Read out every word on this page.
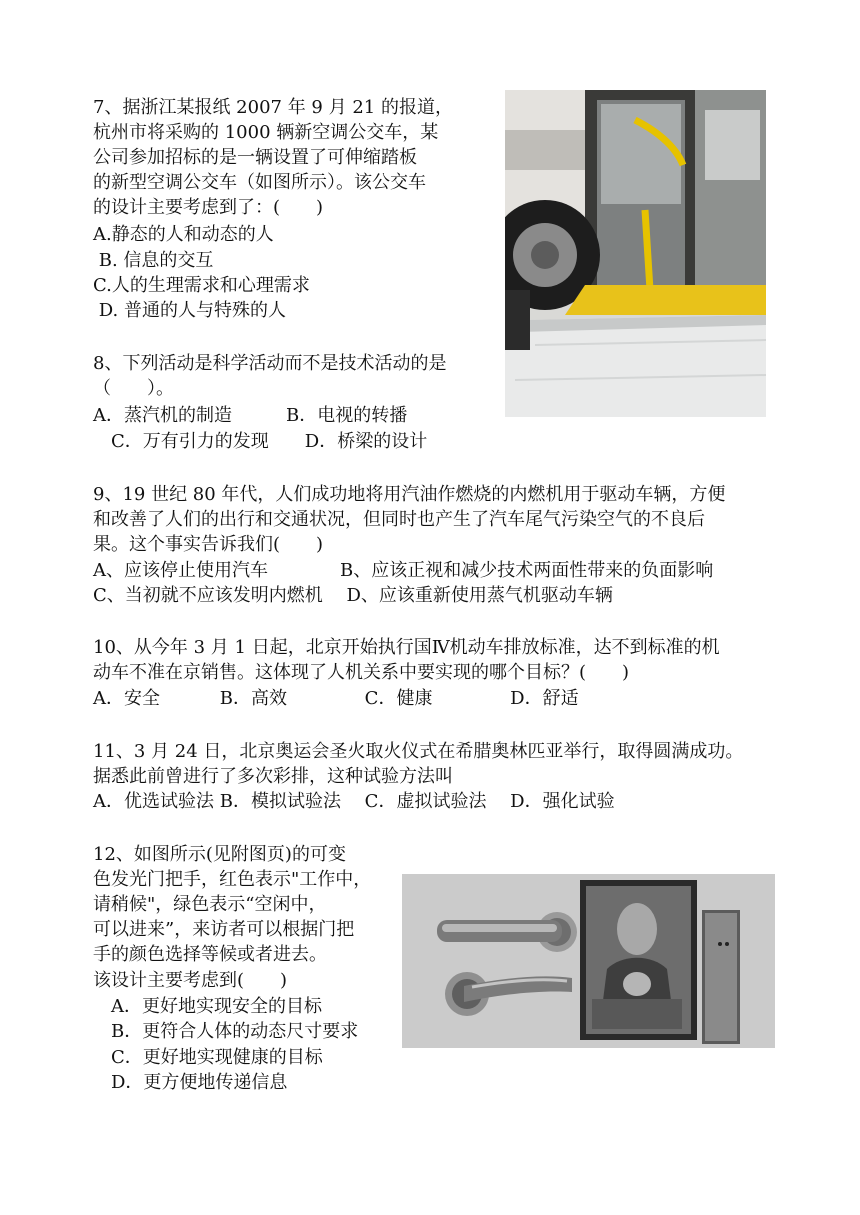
7、据浙江某报纸 2007 年 9 月 21 的报道，
杭州市将采购的 1000 辆新空调公交车，某
公司参加招标的是一辆设置了可伸缩踏板
的新型空调公交车（如图所示）。该公交车
的设计主要考虑到了：(　　)
A.静态的人和动态的人
B. 信息的交互
C.人的生理需求和心理需求
D. 普通的人与特殊的人
8、下列活动是科学活动而不是技术活动的是
（　　）。
A．蒸汽机的制造　　　B．电视的转播
　C．万有引力的发现　　D．桥梁的设计
9、19 世纪 80 年代，人们成功地将用汽油作燃烧的内燃机用于驱动车辆，方便
和改善了人们的出行和交通状况，但同时也产生了汽车尾气污染空气的不良后
果。这个事实告诉我们(　　)
A、应该停止使用汽车　　　　B、应该正视和减少技术两面性带来的负面影响
C、当初就不应该发明内燃机　 D、应该重新使用蒸气机驱动车辆
10、从今年 3 月 1 日起，北京开始执行国Ⅳ机动车排放标准，达不到标准的机
动车不准在京销售。这体现了人机关系中要实现的哪个目标？(　　)
A．安全　　　 B．高效　　　　 C．健康　　　　 D．舒适
11、3 月 24 日，北京奥运会圣火取火仪式在希腊奥林匹亚举行，取得圆满成功。
据悉此前曾进行了多次彩排，这种试验方法叫
A．优选试验法 B．模拟试验法　 C．虚拟试验法　 D．强化试验
12、如图所示(见附图页)的可变
色发光门把手，红色表示"工作中，
请稍候"，绿色表示“空闲中，
可以进来”，来访者可以根据门把
手的颜色选择等候或者进去。
该设计主要考虑到(　　)
　A．更好地实现安全的目标
　B．更符合人体的动态尺寸要求
　C．更好地实现健康的目标
　D．更方便地传递信息
